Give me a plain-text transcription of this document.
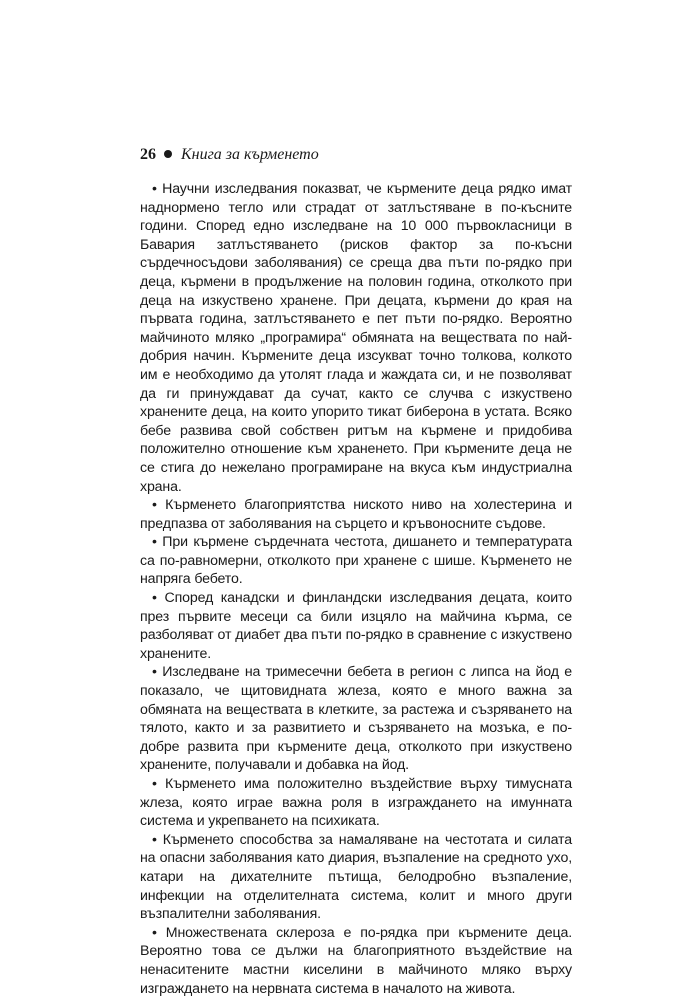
26 Книга за кърменето

• Научни изследвания показват, че кърмените деца рядко имат наднормено тегло или страдат от затлъстяване в по-късните години. Според едно изследване на 10 000 първокласници в Бавария затлъстяването (рисков фактор за по-късни сърдечносъдови заболявания) се среща два пъти по-рядко при деца, кърмени в продължение на половин година, отколкото при деца на изкуствено хранене. При децата, кърмени до края на първата година, затлъстяването е пет пъти по-рядко. Вероятно майчиното мляко „програмира“ обмяната на веществата по най-добрия начин. Кърмените деца изсукват точно толкова, колкото им е необходимо да утолят глада и жаждата си, и не позволяват да ги принуждават да сучат, както се случва с изкуствено хранените деца, на които упорито тикат биберона в устата. Всяко бебе развива свой собствен ритъм на кърмене и придобива положително отношение към храненето. При кърмените деца не се стига до нежелано програмиране на вкуса към индустриална храна.

• Кърменето благоприятства ниското ниво на холестерина и предпазва от заболявания на сърцето и кръвоносните съдове.

• При кърмене сърдечната честота, дишането и температурата са по-равномерни, отколкото при хранене с шише. Кърменето не напряга бебето.

• Според канадски и финландски изследвания децата, които през първите месеци са били изцяло на майчина кърма, се разболяват от диабет два пъти по-рядко в сравнение с изкуствено хранените.

• Изследване на тримесечни бебета в регион с липса на йод е показало, че щитовидната жлеза, която е много важна за обмяната на веществата в клетките, за растежа и съзряването на тялото, както и за развитието и съзряването на мозъка, е по-добре развита при кърмените деца, отколкото при изкуствено хранените, получавали и добавка на йод.

• Кърменето има положително въздействие върху тимусната жлеза, която играе важна роля в изграждането на имунната система и укрепването на психиката.

• Кърменето способства за намаляване на честотата и силата на опасни заболявания като диария, възпаление на средното ухо, катари на дихателните пътища, белодробно възпаление, инфекции на отделителната система, колит и много други възпалителни заболявания.

• Множествената склероза е по-рядка при кърмените деца. Вероятно това се дължи на благоприятното въздействие на ненаситените мастни киселини в майчиното мляко върху изграждането на нервната система в началото на живота.
